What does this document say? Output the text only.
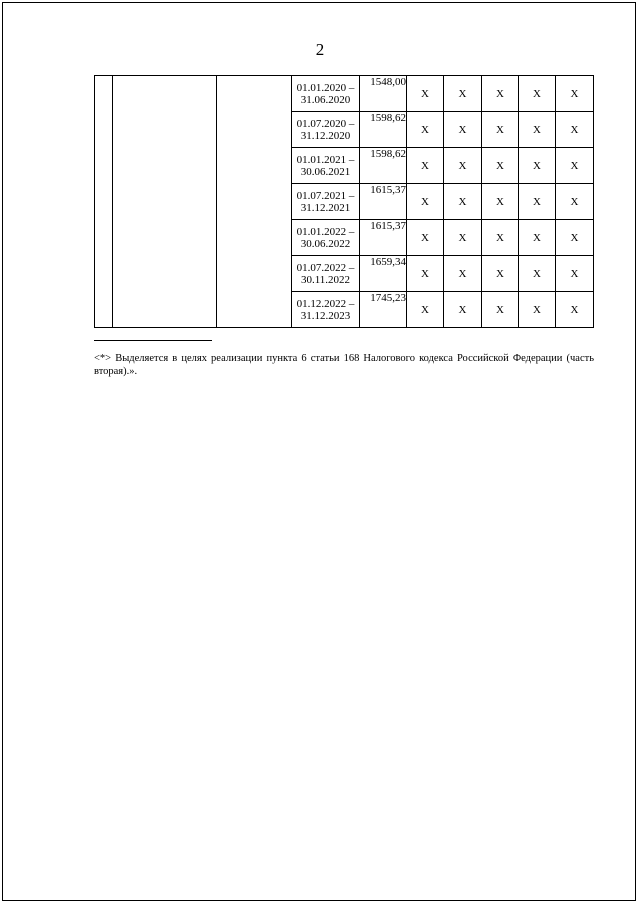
2
			01.01.2020 – 31.06.2020	1548,00	X	X	X	X	X
			01.07.2020 – 31.12.2020	1598,62	X	X	X	X	X
			01.01.2021 – 30.06.2021	1598,62	X	X	X	X	X
			01.07.2021 – 31.12.2021	1615,37	X	X	X	X	X
			01.01.2022 – 30.06.2022	1615,37	X	X	X	X	X
			01.07.2022 – 30.11.2022	1659,34	X	X	X	X	X
			01.12.2022 – 31.12.2023	1745,23	X	X	X	X	X
<*> Выделяется в целях реализации пункта 6 статьи 168 Налогового кодекса Российской Федерации (часть вторая).».
